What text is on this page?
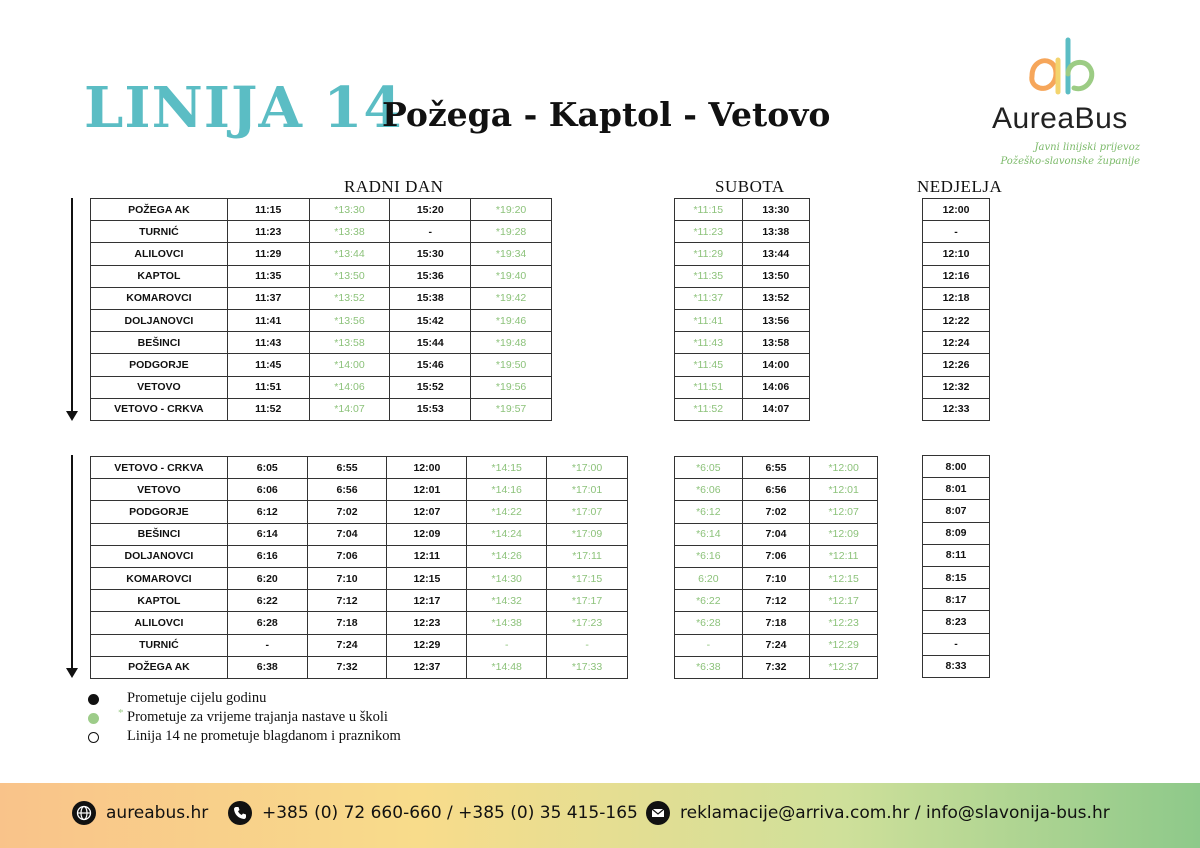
LINIJA 14
Požega - Kaptol - Vetovo	AureaBus
Javni linijski prijevoz
Požeško-slavonske županije
RADNI DAN	SUBOTA	NEDJELJA
POŽEGA AK	11:15	*13:30	15:20	*19:20
TURNIĆ	11:23	*13:38	-	*19:28
ALILOVCI	11:29	*13:44	15:30	*19:34
KAPTOL	11:35	*13:50	15:36	*19:40
KOMAROVCI	11:37	*13:52	15:38	*19:42
DOLJANOVCI	11:41	*13:56	15:42	*19:46
BEŠINCI	11:43	*13:58	15:44	*19:48
PODGORJE	11:45	*14:00	15:46	*19:50
VETOVO	11:51	*14:06	15:52	*19:56
VETOVO - CRKVA	11:52	*14:07	15:53	*19:57
*11:15	13:30
*11:23	13:38
*11:29	13:44
*11:35	13:50
*11:37	13:52
*11:41	13:56
*11:43	13:58
*11:45	14:00
*11:51	14:06
*11:52	14:07
12:00
-
12:10
12:16
12:18
12:22
12:24
12:26
12:32
12:33
VETOVO - CRKVA	6:05	6:55	12:00	*14:15	*17:00
VETOVO	6:06	6:56	12:01	*14:16	*17:01
PODGORJE	6:12	7:02	12:07	*14:22	*17:07
BEŠINCI	6:14	7:04	12:09	*14:24	*17:09
DOLJANOVCI	6:16	7:06	12:11	*14:26	*17:11
KOMAROVCI	6:20	7:10	12:15	*14:30	*17:15
KAPTOL	6:22	7:12	12:17	*14:32	*17:17
ALILOVCI	6:28	7:18	12:23	*14:38	*17:23
TURNIĆ	-	7:24	12:29	-	-
POŽEGA AK	6:38	7:32	12:37	*14:48	*17:33
*6:05	6:55	*12:00
*6:06	6:56	*12:01
*6:12	7:02	*12:07
*6:14	7:04	*12:09
*6:16	7:06	*12:11
6:20	7:10	*12:15
*6:22	7:12	*12:17
*6:28	7:18	*12:23
-	7:24	*12:29
*6:38	7:32	*12:37
8:00
8:01
8:07
8:09
8:11
8:15
8:17
8:23
-
8:33
Prometuje cijelu godinu
* Prometuje za vrijeme trajanja nastave u školi
Linija 14 ne prometuje blagdanom i praznikom
aureabus.hr	+385 (0) 72 660-660 / +385 (0) 35 415-165 reklamacije@arriva.com.hr / info@slavonija-bus.hr
